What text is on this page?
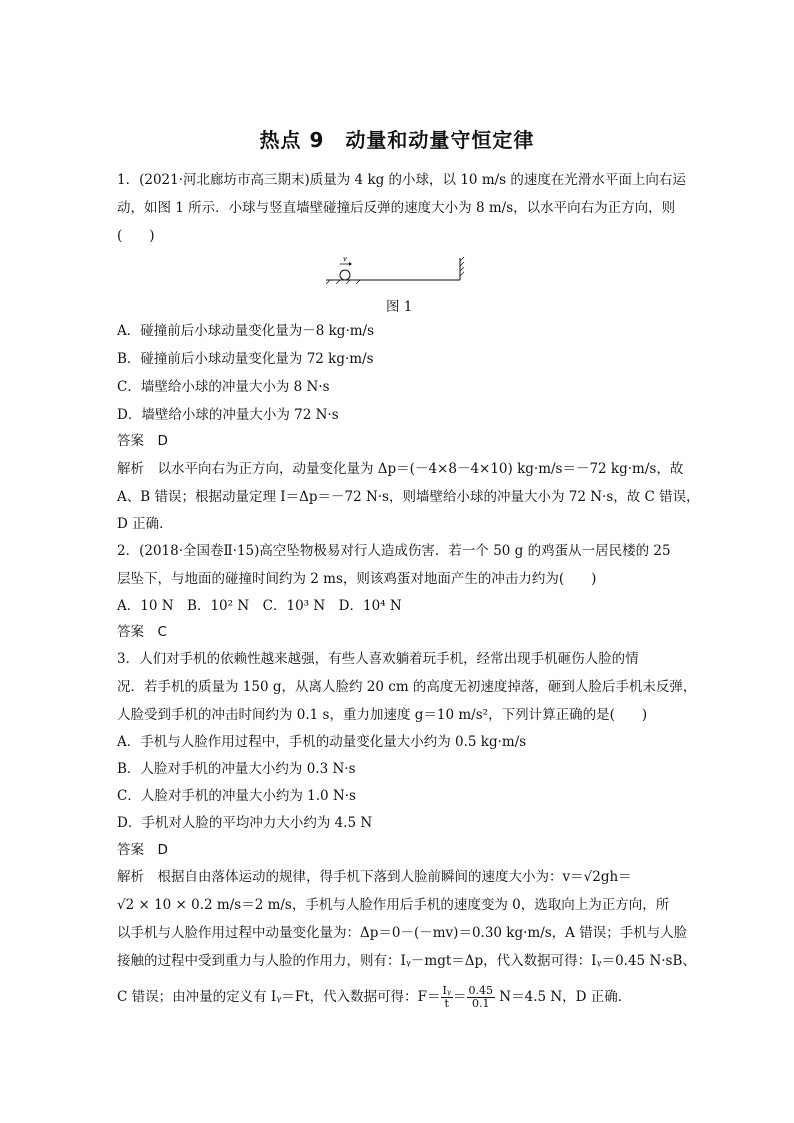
热点 9　动量和动量守恒定律
1．(2021·河北廊坊市高三期末)质量为 4 kg 的小球，以 10 m/s 的速度在光滑水平面上向右运
动，如图 1 所示．小球与竖直墙壁碰撞后反弹的速度大小为 8 m/s，以水平向右为正方向，则
(　　)
v
图 1
A．碰撞前后小球动量变化量为－8 kg·m/s
B．碰撞前后小球动量变化量为 72 kg·m/s
C．墙壁给小球的冲量大小为 8 N·s
D．墙壁给小球的冲量大小为 72 N·s
答案　D
解析　以水平向右为正方向，动量变化量为 Δp＝(－4×8－4×10) kg·m/s＝－72 kg·m/s，故
A、B 错误；根据动量定理 I＝Δp＝－72 N·s，则墙壁给小球的冲量大小为 72 N·s，故 C 错误，
D 正确．
2．(2018·全国卷Ⅱ·15)高空坠物极易对行人造成伤害．若一个 50 g 的鸡蛋从一居民楼的 25
层坠下，与地面的碰撞时间约为 2 ms，则该鸡蛋对地面产生的冲击力约为(　　)
A．10 N　B．10² N　C．10³ N　D．10⁴ N
答案　C
3．人们对手机的依赖性越来越强，有些人喜欢躺着玩手机，经常出现手机砸伤人脸的情
况．若手机的质量为 150 g，从离人脸约 20 cm 的高度无初速度掉落，砸到人脸后手机未反弹，
人脸受到手机的冲击时间约为 0.1 s，重力加速度 g＝10 m/s²，下列计算正确的是(　　)
A．手机与人脸作用过程中，手机的动量变化量大小约为 0.5 kg·m/s
B．人脸对手机的冲量大小约为 0.3 N·s
C．人脸对手机的冲量大小约为 1.0 N·s
D．手机对人脸的平均冲力大小约为 4.5 N
答案　D
解析　根据自由落体运动的规律，得手机下落到人脸前瞬间的速度大小为：v＝√2gh＝
√2 × 10 × 0.2 m/s＝2 m/s，手机与人脸作用后手机的速度变为 0，选取向上为正方向，所
以手机与人脸作用过程中动量变化量为：Δp＝0－(－mv)＝0.30 kg·m/s，A 错误；手机与人脸
接触的过程中受到重力与人脸的作用力，则有：Iᵧ－mgt＝Δp，代入数据可得：Iᵧ＝0.45 N·sB、
C 错误；由冲量的定义有 Iᵧ＝Ft，代入数据可得：$F= \frac{\text{Iᵧ}}{t} = \frac{0.45}{0.1} N=4.5$ N，D 正确．
